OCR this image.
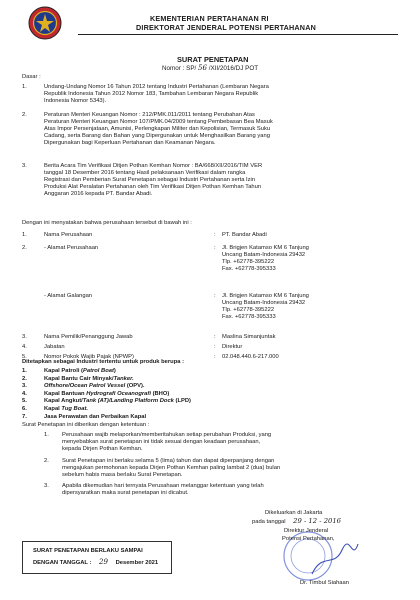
KEMENTERIAN PERTAHANAN RI
DIREKTORAT JENDERAL POTENSI PERTAHANAN
SURAT PENETAPAN
Nomor : SP/ 56 /XII/2016/DJ POT
Dasar :
Dengan ini menyatakan bahwa perusahaan tersebut di bawah ini :
Ditetapkan sebagai Industri tertentu untuk produk berupa :
Surat Penetapan ini diberikan dengan ketentuan :
SURAT PENETAPAN BERLAKU SAMPAI
DENGAN TANGGAL : 29 Desember 2021
Dikeluarkan di Jakarta
pada tanggal 29 - 12 - 2016
Direktur Jenderal
Potensi Pertahanan,
Dr. Timbul Siahaan
1.	Undang-Undang Nomor 16 Tahun 2012 tentang Industri Pertahanan (Lembaran Negara
Republik Indonesia Tahun 2012 Nomor 183, Tambahan Lembaran Negara Republik
Indonesia Nomor 5343).
2.	Peraturan Menteri Keuangan Nomor : 212/PMK.011/2011 tentang Perubahan Atas
Peraturan Menteri Keuangan Nomor 107/PMK.04/2009 tentang Pembebasan Bea Masuk
Atas Impor Persenjataan, Amunisi, Perlengkapan Militer dan Kepolisian, Termasuk Suku
Cadang, serta Barang dan Bahan yang Dipergunakan untuk Menghasilkan Barang yang
Dipergunakan bagi Keperluan Pertahanan dan Keamanan Negara.
3.	Berita Acara Tim Verifikasi Ditjen Pothan Kemhan Nomor : BA/668/XII/2016/TIM VER
tanggal 18 Desember 2016 tentang Hasil pelaksanaan Verifikasi dalam rangka
Registrasi dan Pemberian Surat Penetapan sebagai Industri Pertahanan serta Izin
Produksi Alat Peralatan Pertahanan oleh Tim Verifikasi Ditjen Pothan Kemhan Tahun
Anggaran 2016 kepada PT. Bandar Abadi.
1.	Nama Perusahaan	: PT. Bandar Abadi
2.	- Alamat Perusahaan	: Jl. Brigjen Katamso KM 6 Tanjung
Uncang Batam-Indonesia 29432
Tlp. +62778-395222
Fax. +62778-395333
- Alamat Galangan	: Jl. Brigjen Katamso KM 6 Tanjung
Uncang Batam-Indonesia 29432
Tlp. +62778-395222
Fax. +62778-395333
3.	Nama Pemilik/Penanggung Jawab	: Maslina Simanjuntak
4.	Jabatan	: Direktur
5.	Nomor Pokok Wajib Pajak (NPWP)	: 02.048.440.6-217.000
1.	Kapal Patroli (Patrol Boat)
2.	Kapal Bantu Cair Minyak/Tanker.
3.	Offshore/Ocean Patrol Vessel (OPV).
4.	Kapal Bantuan Hydrografi Oceanografi (BHO)
5.	Kapal Angkut/Tank (AT)/Landing Platform Dock (LPD)
6.	Kapal Tug Boat.
7.	Jasa Perawatan dan Perbaikan Kapal
1. Perusahaan wajib melaporkan/memberitahukan setiap perubahan Produksi, yang
menyebabkan surat penetapan ini tidak sesuai dengan keadaan perusahaan,
kepada Dirjen Pothan Kemhan.
2. Surat Penetapan ini berlaku selama 5 (lima) tahun dan dapat diperpanjang dengan
mengajukan permohonan kepada Dirjen Pothan Kemhan paling lambat 2 (dua) bulan
sebelum habis masa berlaku Surat Penetapan.
3. Apabila dikemudian hari ternyata Perusahaan melanggar ketentuan yang telah
dipersyaratkan maka surat penetapan ini dicabut.
